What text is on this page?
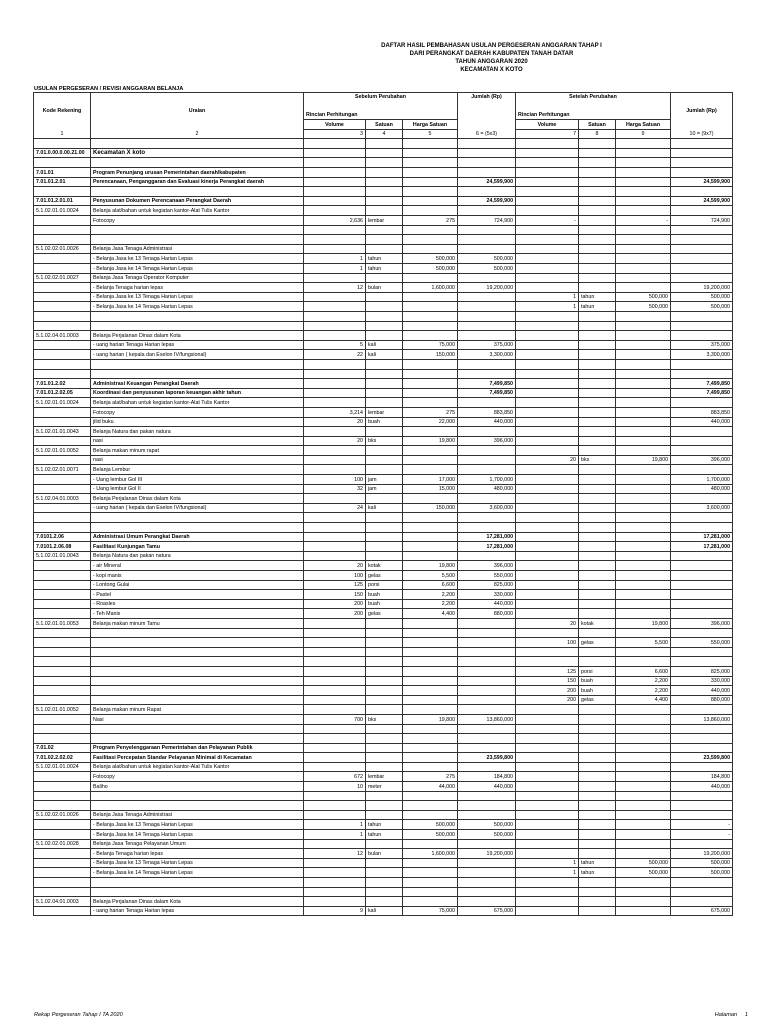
DAFTAR HASIL PEMBAHASAN USULAN PERGESERAN ANGGARAN TAHAP I
DARI PERANGKAT DAERAH KABUPATEN TANAH DATAR
TAHUN ANGGARAN 2020
KECAMATAN X KOTO
USULAN PERGESERAN / REVISI ANGGARAN BELANJA
Kode Rekening	Uraian	Sebelum Perubahan			Jumlah (Rp)	Setelah Perubahan			Jumlah (Rp)
		Rincian Perhitungan				Rincian Perhitungan			
		Volume	Satuan	Harga Satuan		Volume	Satuan	Harga Satuan	
1	2	3	4	5	6 = (5x3)	7	8	9	10 = (9x7)

7.01.0.00.0.00.21.00	Kecamatan X koto								

7.01.01	Program Penunjang urusan Pemerintahan daerah/kabupaten								
7.01.01.2.01	Perencanaan, Penganggaran dan Evaluasi kinerja Perangkat daerah				24,599,900				24,599,900

7.01.01.2.01.01	Penyusunan Dokumen Perencanaan Perangkat Daerah				24,599,900				24,599,900
5.1.02.01.01.0024	Belanja alat/bahan untuk kegiatan kantor-Alat Tulis Kantor								
	Fotocopy	2,636	lembar	275	724,900	-		-	724,900

5.1.02.02.01.0026	Belanja Jasa Tenaga Administrasi								
	- Belanja Jasa ke 13 Tenaga Harian Lepas	1	tahun	500,000	500,000				
	- Belanja Jasa ke 14 Tenaga Harian Lepas	1	tahun	500,000	500,000				
5.1.02.02.01.0027	Belanja Jasa Tenaga Operator Komputer								
	- Belanja Tenaga harian lepas	12	bulan	1,600,000	19,200,000				19,200,000
	- Belanja Jasa ke 13 Tenaga Harian Lepas					1	tahun	500,000	500,000
	- Belanja Jasa ke 14 Tenaga Harian Lepas					1	tahun	500,000	500,000

5.1.02.04.01.0003	Belanja Perjalanan Dinas dalam Kota								
	- uang harian Tenaga Harian lepas	5	kali	75,000	375,000				375,000
	- uang harian ( kepala dan Eselon IV/fungsional)	22	kali	150,000	3,300,000				3,300,000

7.01.01.2.02	Administrasi Keuangan Perangkat Daerah				7,499,850				7,499,850
7.01.01.2.02.05	Koordinasi dan penyusunan laporan keuangan akhir tahun				7,499,850				7,499,850
5.1.02.01.01.0024	Belanja alat/bahan untuk kegiatan kantor-Alat Tulis Kantor								
	Fotocopy	3,214	lembar	275	883,850				883,850
	jilid buku	20	buah	22,000	440,000				440,000
5.1.02.01.01.0043	Belanja Natura dan pakan natura								
	nasi	20	bks	19,800	396,000				
5.1.02.01.01.0052	Belanja makan minum rapat								
	nasi					20	bks	19,800	396,000
5.1.02.02.01.0071	Belanja Lembur								
	- Uang lembur Gol III	100	jam	17,000	1,700,000				1,700,000
	- Uang lembur Gol II	32	jam	15,000	480,000				480,000
5.1.02.04.01.0003	Belanja Perjalanan Dinas dalam Kota								
	- uang harian ( kepala dan Eselon IV/fungsional)	24	kali	150,000	3,600,000				3,600,000

7.0101.2.06	Administrasi Umum Perangkat Daerah				17,281,000				17,281,000
7.0101.2.06.08	Fasilitasi Kunjungan Tamu				17,281,000				17,281,000
5.1.02.01.01.0043	Belanja Natura dan pakan natura								
	- air Mineral	20	kotak	19,800	396,000				
	- kopi manis	100	gelas	5,500	550,000				
	- Lontong Gulai	125	porsi	6,600	825,000				
	- Pastel	150	buah	2,200	330,000				
	- Roasles	200	buah	2,200	440,000				
	- Teh Manis	200	gelas	4,400	880,000				
5.1.02.01.01.0053	Belanja makan minum Tamu					20	kotak	19,800	396,000

						100	gelas	5,500	550,000

						125	porsi	6,600	825,000
						150	buah	2,200	330,000
						200	buah	2,200	440,000
						200	gelas	4,400	880,000
5.1.02.01.01.0052	Belanja makan minum Rapat								
	Nasi	700	bks	19,800	13,860,000				13,860,000

7.01.02	Program Penyelenggaraan Pemerintahan dan Pelayanan Publik								
7.01.02.2.02.02	Fasilitasi Percepatan Standar Pelayanan Minimal di Kecamatan				23,599,800				23,599,800
5.1.02.01.01.0024	Belanja alat/bahan untuk kegiatan kantor-Alat Tulis Kantor								
	Fotocopy	672	lembar	275	184,800				184,800
	Baliho	10	meter	44,000	440,000				440,000

5.1.02.02.01.0026	Belanja Jasa Tenaga Administrasi								
	- Belanja Jasa ke 13 Tenaga Harian Lepas	1	tahun	500,000	500,000				-
	- Belanja Jasa ke 14 Tenaga Harian Lepas	1	tahun	500,000	500,000				-
5.1.02.02.01.0028	Belanja Jasa Tenaga Pelayanan Umum								
	- Belanja Tenaga harian lepas	12	bulan	1,600,000	19,200,000				19,200,000
	- Belanja Jasa ke 13 Tenaga Harian Lepas					1	tahun	500,000	500,000
	- Belanja Jasa ke 14 Tenaga Harian Lepas					1	tahun	500,000	500,000

5.1.02.04.01.0003	Belanja Perjalanan Dinas dalam Kota								
	- uang harian Tenaga Harian lepas	9	kali	75,000	675,000				675,000
Rekap Pergeseran Tahap I TA 2020	Halaman 1
